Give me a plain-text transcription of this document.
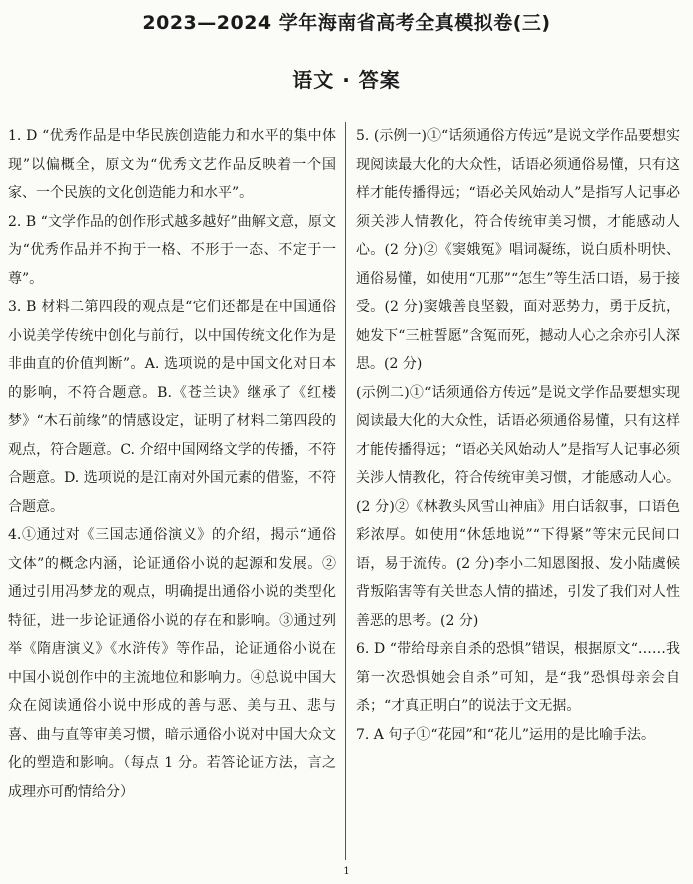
2023—2024 学年海南省高考全真模拟卷(三)
语文 · 答案

1. D “优秀作品是中华民族创造能力和水平的集中体现”以偏概全，原文为“优秀文艺作品反映着一个国家、一个民族的文化创造能力和水平”。

2. B “文学作品的创作形式越多越好”曲解文意，原文为“优秀作品并不拘于一格、不形于一态、不定于一尊”。

3. B 材料二第四段的观点是“它们还都是在中国通俗小说美学传统中创化与前行，以中国传统文化作为是非曲直的价值判断”。A. 选项说的是中国文化对日本的影响，不符合题意。B.《苍兰诀》继承了《红楼梦》“木石前缘”的情感设定，证明了材料二第四段的观点，符合题意。C. 介绍中国网络文学的传播，不符合题意。D. 选项说的是江南对外国元素的借鉴，不符合题意。

4.①通过对《三国志通俗演义》的介绍，揭示“通俗文体”的概念内涵，论证通俗小说的起源和发展。②通过引用冯梦龙的观点，明确提出通俗小说的类型化特征，进一步论证通俗小说的存在和影响。③通过列举《隋唐演义》《水浒传》等作品，论证通俗小说在中国小说创作中的主流地位和影响力。④总说中国大众在阅读通俗小说中形成的善与恶、美与丑、悲与喜、曲与直等审美习惯，暗示通俗小说对中国大众文化的塑造和影响。（每点 1 分。若答论证方法，言之成理亦可酌情给分）

5. (示例一)①“话须通俗方传远”是说文学作品要想实现阅读最大化的大众性，话语必须通俗易懂，只有这样才能传播得远；“语必关风始动人”是指写人记事必须关涉人情教化，符合传统审美习惯，才能感动人心。(2 分)②《窦娥冤》唱词凝练，说白质朴明快、通俗易懂，如使用“兀那”“怎生”等生活口语，易于接受。(2 分)窦娥善良坚毅，面对恶势力，勇于反抗，她发下“三桩誓愿”含冤而死，撼动人心之余亦引人深思。(2 分)

(示例二)①“话须通俗方传远”是说文学作品要想实现阅读最大化的大众性，话语必须通俗易懂，只有这样才能传播得远；“语必关风始动人”是指写人记事必须关涉人情教化，符合传统审美习惯，才能感动人心。(2 分)②《林教头风雪山神庙》用白话叙事，口语色彩浓厚。如使用“休恁地说”“下得紧”等宋元民间口语，易于流传。(2 分)李小二知恩图报、发小陆虞候背叛陷害等有关世态人情的描述，引发了我们对人性善恶的思考。(2 分)

6. D “带给母亲自杀的恐惧”错误，根据原文“……我第一次恐惧她会自杀”可知，是“我”恐惧母亲会自杀；“才真正明白”的说法于文无据。

7. A 句子①“花园”和“花儿”运用的是比喻手法。

1
